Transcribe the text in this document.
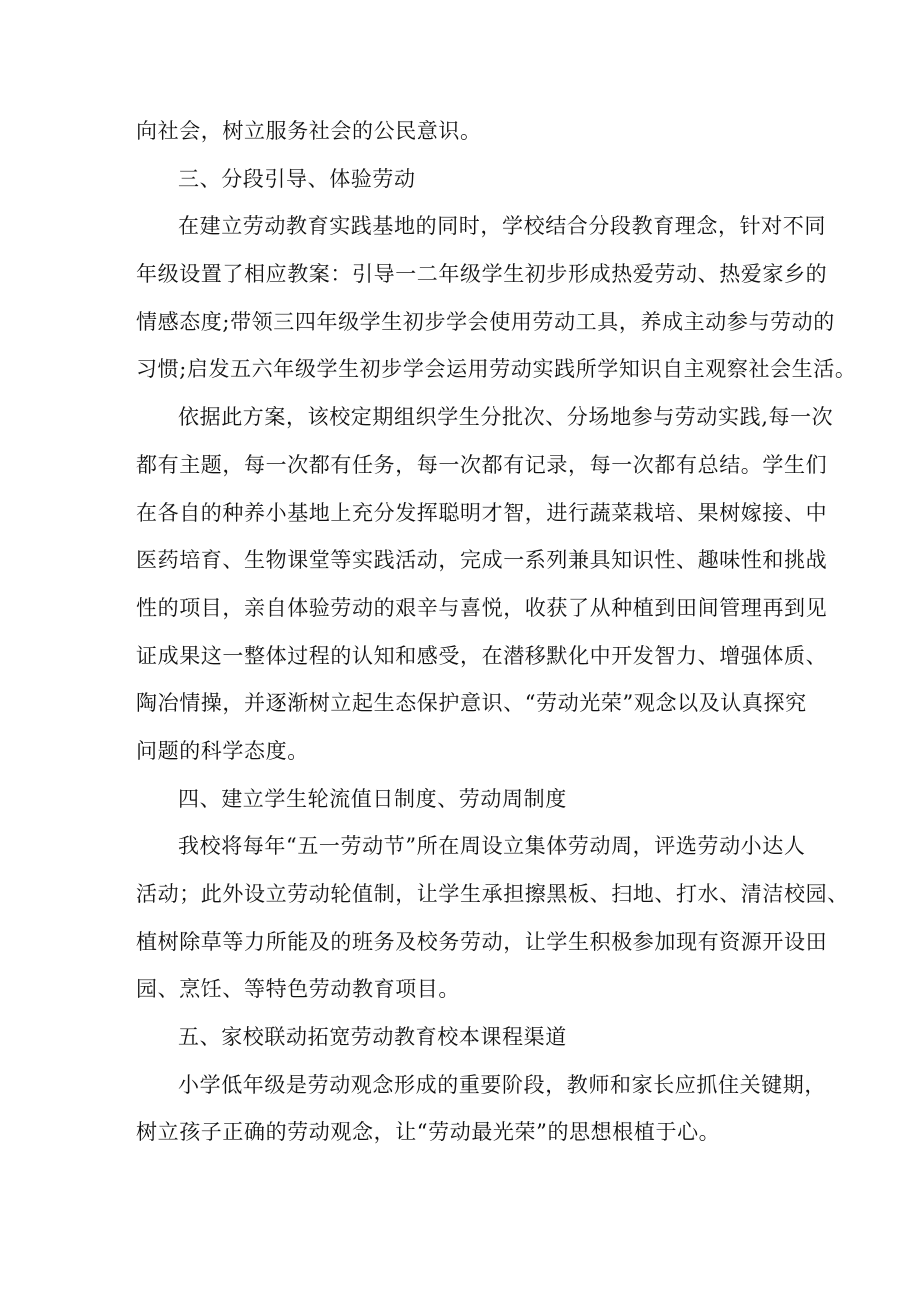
向社会，树立服务社会的公民意识。
三、分段引导、体验劳动
在建立劳动教育实践基地的同时，学校结合分段教育理念，针对不同
年级设置了相应教案：引导一二年级学生初步形成热爱劳动、热爱家乡的
情感态度;带领三四年级学生初步学会使用劳动工具，养成主动参与劳动的
习惯;启发五六年级学生初步学会运用劳动实践所学知识自主观察社会生活。
依据此方案，该校定期组织学生分批次、分场地参与劳动实践,每一次
都有主题，每一次都有任务，每一次都有记录，每一次都有总结。学生们
在各自的种养小基地上充分发挥聪明才智，进行蔬菜栽培、果树嫁接、中
医药培育、生物课堂等实践活动，完成一系列兼具知识性、趣味性和挑战
性的项目，亲自体验劳动的艰辛与喜悦，收获了从种植到田间管理再到见
证成果这一整体过程的认知和感受，在潜移默化中开发智力、增强体质、
陶冶情操，并逐渐树立起生态保护意识、“劳动光荣”观念以及认真探究
问题的科学态度。
四、建立学生轮流值日制度、劳动周制度
我校将每年“五一劳动节”所在周设立集体劳动周，评选劳动小达人
活动；此外设立劳动轮值制，让学生承担擦黑板、扫地、打水、清洁校园、
植树除草等力所能及的班务及校务劳动，让学生积极参加现有资源开设田
园、烹饪、等特色劳动教育项目。
五、家校联动拓宽劳动教育校本课程渠道
小学低年级是劳动观念形成的重要阶段，教师和家长应抓住关键期，
树立孩子正确的劳动观念，让“劳动最光荣”的思想根植于心。
